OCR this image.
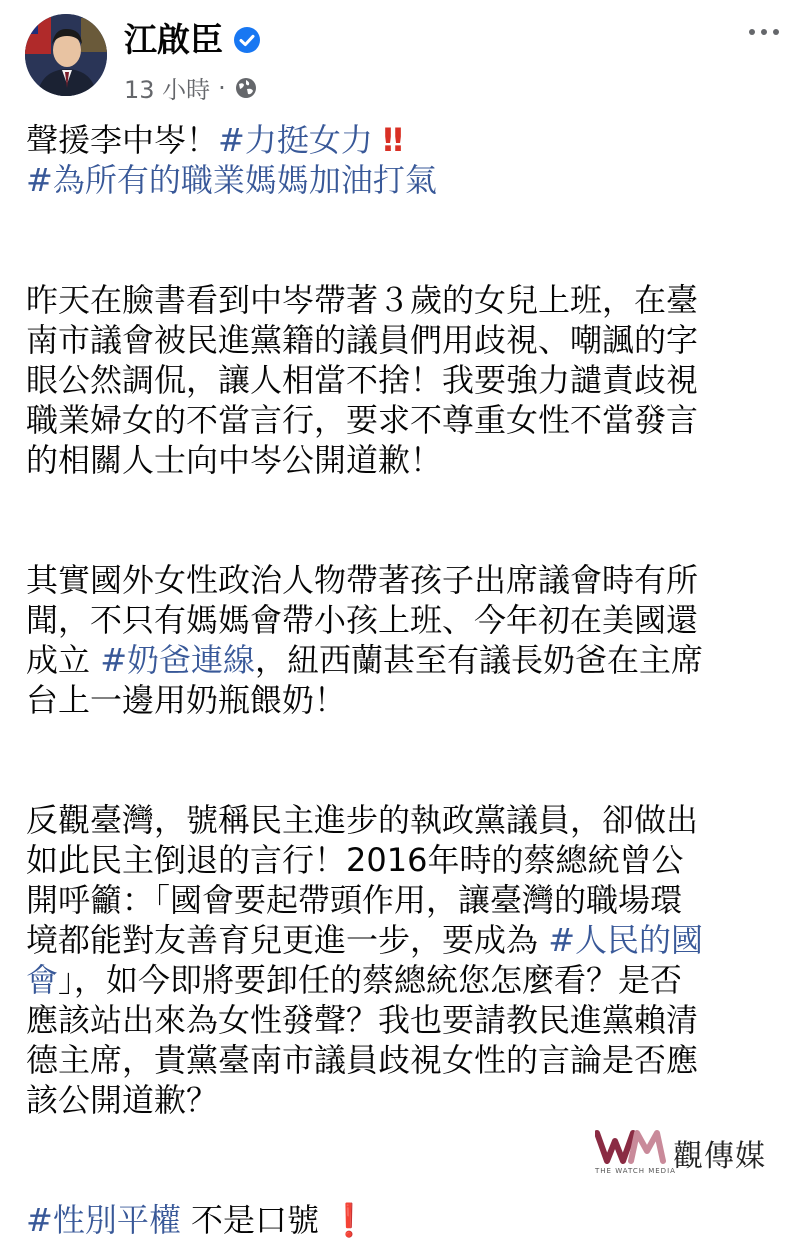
江啟臣
13 小時 ·
聲援李中岑！#力挺女力 ‼
#為所有的職業媽媽加油打氣
昨天在臉書看到中岑帶著３歲的女兒上班，在臺
南市議會被民進黨籍的議員們用歧視、嘲諷的字
眼公然調侃，讓人相當不捨！我要強力譴責歧視
職業婦女的不當言行，要求不尊重女性不當發言
的相關人士向中岑公開道歉！
其實國外女性政治人物帶著孩子出席議會時有所
聞，不只有媽媽會帶小孩上班、今年初在美國還
成立 #奶爸連線，紐西蘭甚至有議長奶爸在主席
台上一邊用奶瓶餵奶！
反觀臺灣，號稱民主進步的執政黨議員，卻做出
如此民主倒退的言行！2016年時的蔡總統曾公
開呼籲：「國會要起帶頭作用，讓臺灣的職場環
境都能對友善育兒更進一步，要成為 #人民的國
會」，如今即將要卸任的蔡總統您怎麼看？是否
應該站出來為女性發聲？我也要請教民進黨賴清
德主席，貴黨臺南市議員歧視女性的言論是否應
該公開道歉？
#性別平權 不是口號 ❗
觀傳媒
THE WATCH MEDIA
